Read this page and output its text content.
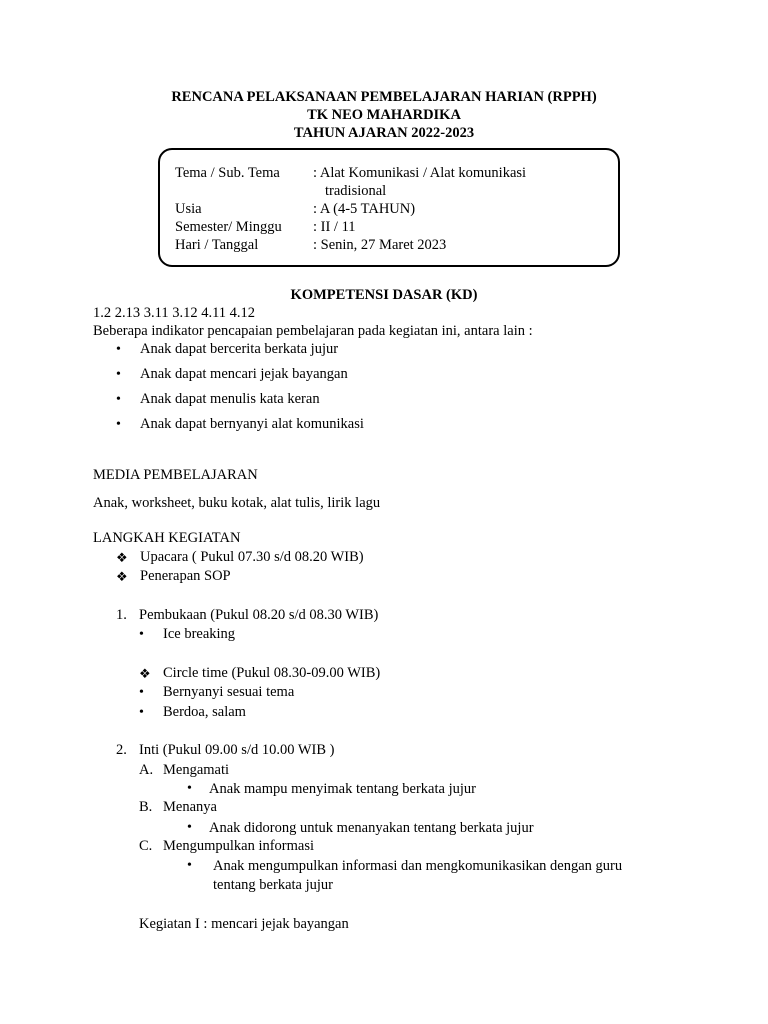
RENCANA PELAKSANAAN PEMBELAJARAN HARIAN (RPPH)
TK NEO MAHARDIKA
TAHUN AJARAN 2022-2023
Tema / Sub. Tema : Alat Komunikasi / Alat komunikasi
tradisional
Usia	: A (4-5 TAHUN)
Semester/ Minggu : II / 11
Hari / Tanggal	: Senin, 27 Maret 2023
KOMPETENSI DASAR (KD)
1.2 2.13 3.11 3.12 4.11 4.12
Beberapa indikator pencapaian pembelajaran pada kegiatan ini, antara lain :
• Anak dapat bercerita berkata jujur
• Anak dapat mencari jejak bayangan
• Anak dapat menulis kata keran
• Anak dapat bernyanyi alat komunikasi
MEDIA PEMBELAJARAN
Anak, worksheet, buku kotak, alat tulis, lirik lagu
LANGKAH KEGIATAN
❖ Upacara ( Pukul 07.30 s/d 08.20 WIB)
❖ Penerapan SOP
1. Pembukaan (Pukul 08.20 s/d 08.30 WIB)
• Ice breaking
❖ Circle time (Pukul 08.30-09.00 WIB)
• Bernyanyi sesuai tema
• Berdoa, salam
2. Inti (Pukul 09.00 s/d 10.00 WIB )
A. Mengamati
• Anak mampu menyimak tentang berkata jujur
B. Menanya
• Anak didorong untuk menanyakan tentang berkata jujur
C. Mengumpulkan informasi
• Anak mengumpulkan informasi dan mengkomunikasikan dengan guru
tentang berkata jujur
Kegiatan I : mencari jejak bayangan
